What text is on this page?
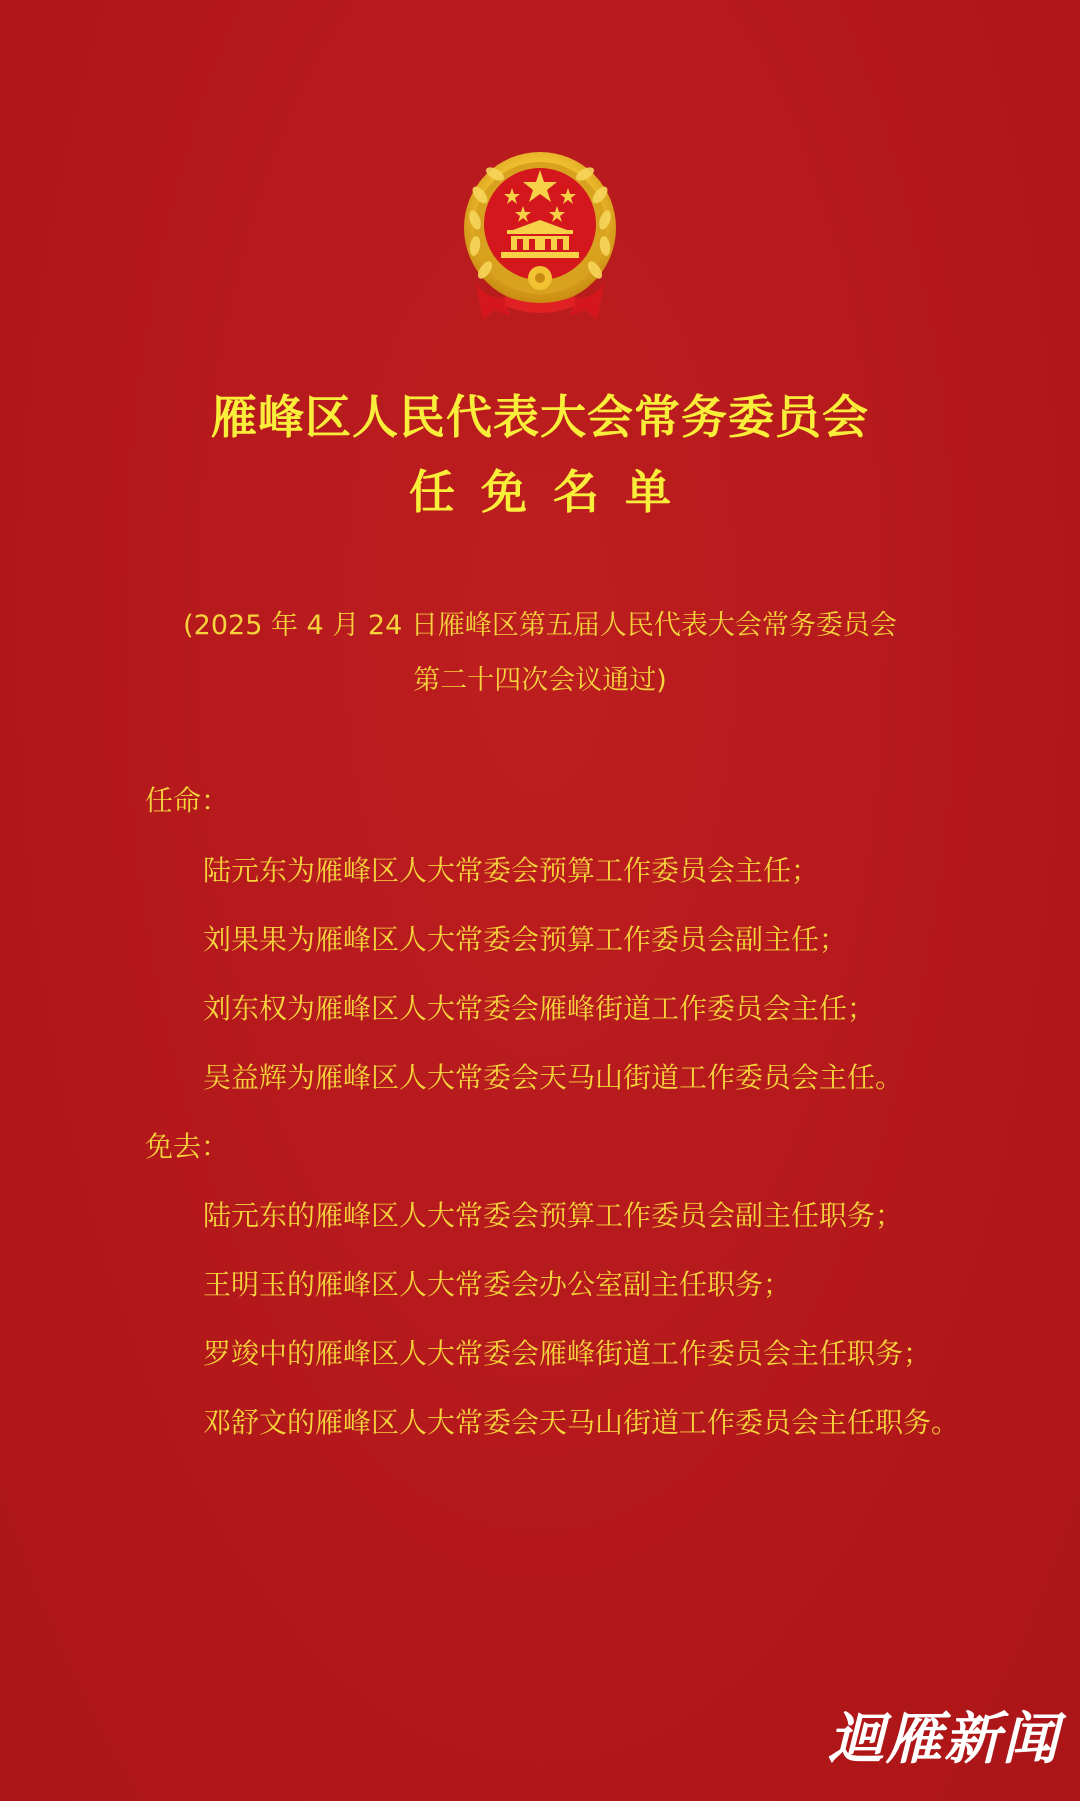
雁峰区人民代表大会常务委员会
任免名单
(2025 年 4 月 24 日雁峰区第五届人民代表大会常务委员会
第二十四次会议通过)
任命：
陆元东为雁峰区人大常委会预算工作委员会主任；
刘果果为雁峰区人大常委会预算工作委员会副主任；
刘东权为雁峰区人大常委会雁峰街道工作委员会主任；
吴益辉为雁峰区人大常委会天马山街道工作委员会主任。
免去：
陆元东的雁峰区人大常委会预算工作委员会副主任职务；
王明玉的雁峰区人大常委会办公室副主任职务；
罗竣中的雁峰区人大常委会雁峰街道工作委员会主任职务；
邓舒文的雁峰区人大常委会天马山街道工作委员会主任职务。
迴雁新闻
